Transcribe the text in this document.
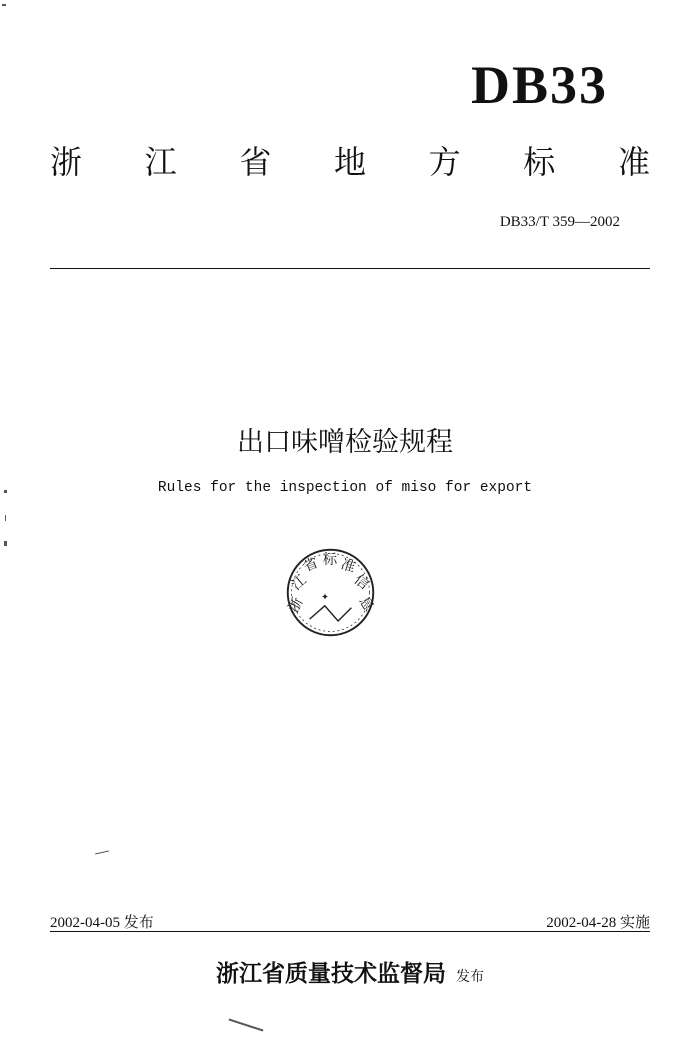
DB33
浙 江 省 地 方 标 准
DB33/T 359—2002
出口味噌检验规程
Rules for the inspection of miso for export
浙
江
省 标 准
信
息
✦
2002-04-05 发布	2002-04-28 实施
浙江省质量技术监督局 发布
